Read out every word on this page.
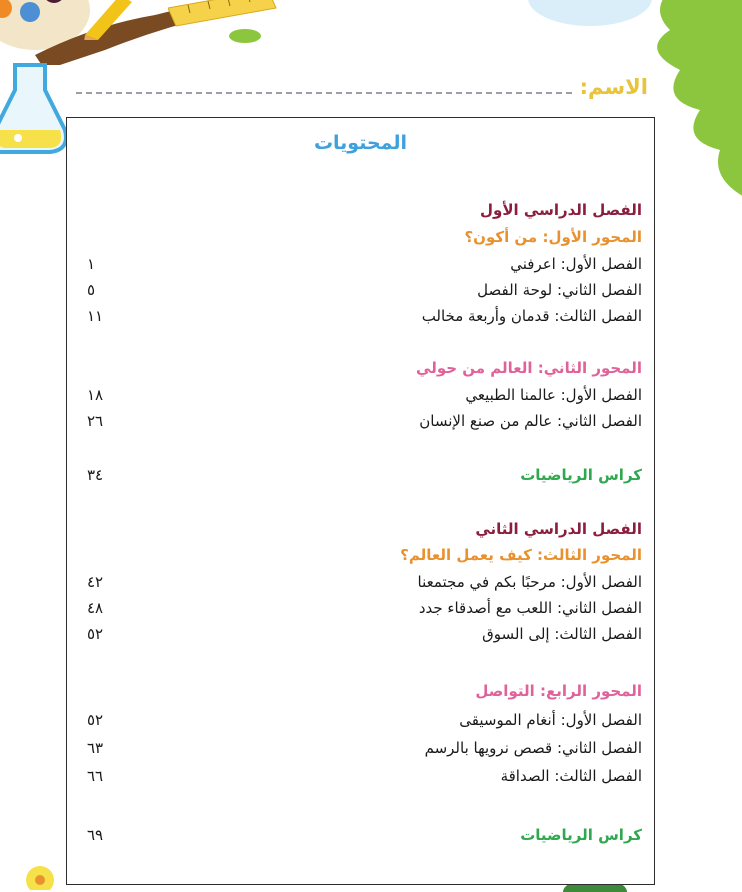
الاسم:
المحتويات
الفصل الدراسي الأول
المحور الأول: من أكون؟
الفصل الأول: اعرفني
١
الفصل الثاني: لوحة الفصل
٥
الفصل الثالث: قدمان وأربعة مخالب
١١
المحور الثاني: العالم من حولي
الفصل الأول: عالمنا الطبيعي
١٨
الفصل الثاني: عالم من صنع الإنسان
٢٦
كراس الرياضيات
٣٤
الفصل الدراسي الثاني
المحور الثالث: كيف يعمل العالم؟
الفصل الأول: مرحبًا بكم في مجتمعنا
٤٢
الفصل الثاني: اللعب مع أصدقاء جدد
٤٨
الفصل الثالث: إلى السوق
٥٢
المحور الرابع: التواصل
الفصل الأول: أنغام الموسيقى
٥٢
الفصل الثاني: قصص نرويها بالرسم
٦٣
الفصل الثالث: الصداقة
٦٦
كراس الرياضيات
٦٩
